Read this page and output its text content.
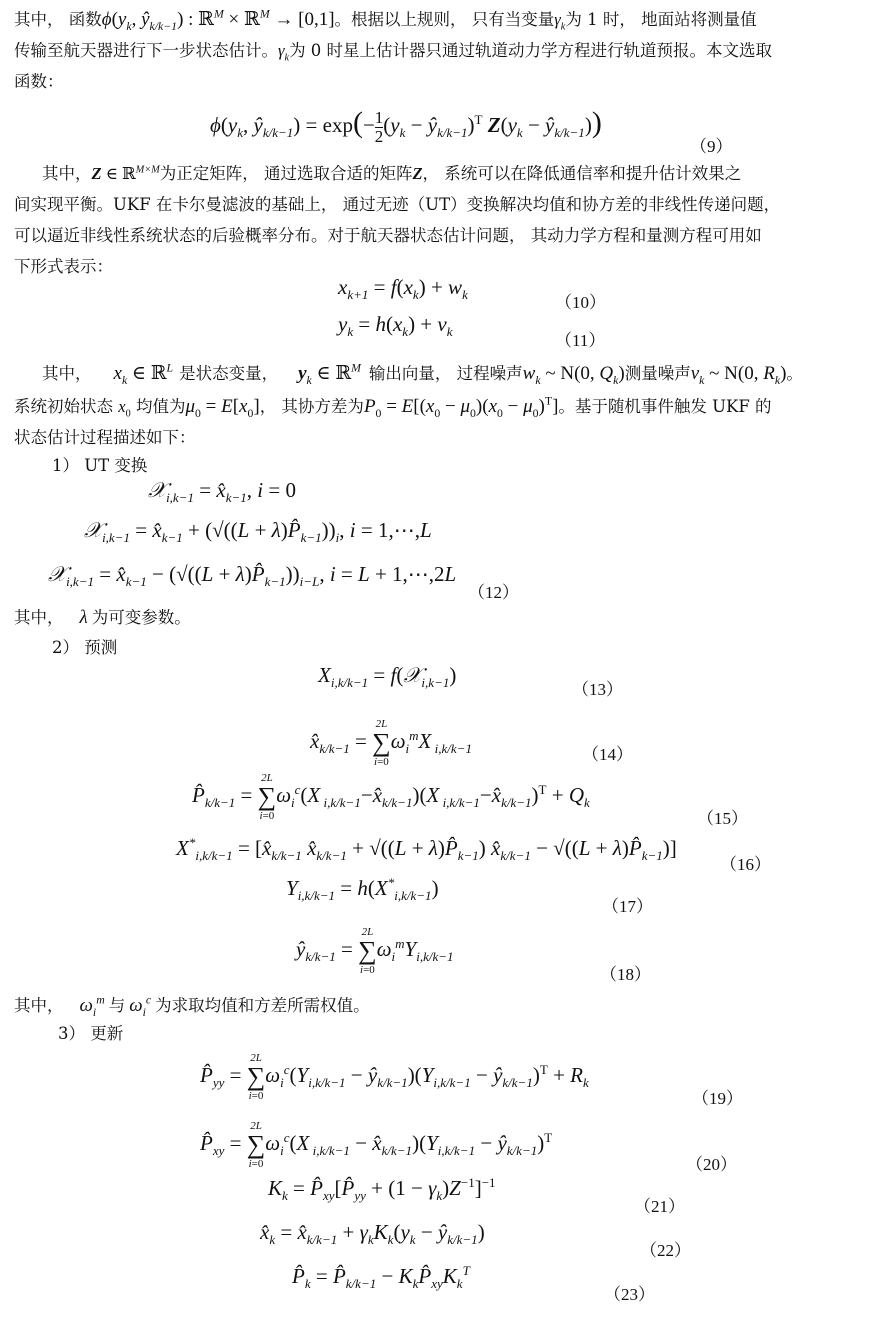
其中， 函数$\phi(y_k$, $ŷ_{k/k-1}$) : ℝ$^M$ × ℝ$^M$ → [0,1]。根据以上规则， 只有当变量$\gamma_k$为 1 时， 地面站将测量值
传输至航天器进行下一步状态估计。$\gamma_k$为 0 时星上估计器只通过轨道动力学方程进行轨道预报。本文选取
函数：
$\phi(y_k$, $ŷ_{k/k-1}) = \exp(- \frac{1}{2} (y_k$ − $ŷ_{k/k-1})^T$ $Z(y_k$ − $ŷ_{k/k-1}$))
（9）
其中，Z ∈ ℝ$^{M\times M}$为正定矩阵， 通过选取合适的矩阵Z， 系统可以在降低通信率和提升估计效果之
间实现平衡。UKF 在卡尔曼滤波的基础上， 通过无迹（UT）变换解决均值和协方差的非线性传递问题，
可以逼近非线性系统状态的后验概率分布。对于航天器状态估计问题， 其动力学方程和量测方程可用如
下形式表示：
$x_{k+1} = f(x_k) + w_k$	（10）
$y_k = h(x_k) + v_k$	（11）
其中， $x_k$ ∈ ℝ$^L$ 是状态变量， $y_k$ ∈ ℝ$^M$ 输出向量， 过程噪声$w_k$ ~ N(0, $Q_k$)测量噪声$v_k$ ~ N(0, $R_k$)。
系统初始状态 $x_0$ 均值为$\mu_0 = E[x_0]$， 其协方差为$P_0 = E[(x_0 - \mu_0)(x_0 - \mu_0)^T]$。基于随机事件触发 UKF 的
状态估计过程描述如下：
1） UT 变换
𝒳$_{i,k-1}$ = $x̂_{k-1}$, i = 0
𝒳$_{i,k-1}$ = $x̂_{k-1} + (√((L$ + $\lambda)P̂_{k-1}))_i$, i = 1,⋯,L
𝒳$_{i,k-1}$ = $x̂_{k-1} - (√((L$ + $\lambda)P̂_{k-1}))_{i-L}$, i = L + 1,⋯,2L
（12）
其中， λ 为可变参数。
2） 预测
$X_{i,k/k-1}$ = f(𝒳$_{i,k-1}$)
（13）
$x̂_{k/k-1}$ =
2L
∑
i=0
$\omega_i^mX$ $_{i,k/k-1}$	（14）
$P̂_{k/k-1}$ =
2L
∑
i=0
$\omega_i^c(X$ $_{i,k/k-1}-x̂_{k/k-1})(X$ $_{i,k/k-1}-x̂_{k/k-1})^T + Q_k$
（15）
$X^*_{i,k/k-1}$ = [$x̂_{k/k-1}$ $x̂_{k/k-1} + √((L$ + $\lambda)P̂_{k-1}$) $x̂_{k/k-1} - √((L$ + $\lambda)P̂_{k-1}$)]
（16）
$Y_{i,k/k-1} = h(X^*_{i,k/k-1})$
（17）
$ŷ_{k/k-1}$ =
2L
∑
i=0
$\omega_i^mY_{i,k/k-1}$
（18）
其中， $\omega_i^m$ 与 $\omega_i^c$ 为求取均值和方差所需权值。
3） 更新
$P̂_{yy}$ =
2L
∑
i=0
$\omega_i^c(Y_{i,k/k-1}$ − $ŷ_{k/k-1})(Y_{i,k/k-1}$ − $ŷ_{k/k-1})^T + R_k$
（19）
$P̂_{xy}$ =
2L
∑
i=0
$\omega_i^c(X$ $_{i,k/k-1} - x̂_{k/k-1})(Y_{i,k/k-1}$ − $ŷ_{k/k-1})^T$
（20）
$K_k$ = $P̂_{xy}[P̂_{yy} + (1 - \gamma_k)Z^{-1}]^{-1}$
（21）
$x̂_k$ = $x̂_{k/k-1} + \gamma_kK_k(y_k$ − $ŷ_{k/k-1}$)
（22）
$P̂_k$ = $P̂_{k/k-1}$ − $K_kP̂_{xy}K_k^T$
（23）
